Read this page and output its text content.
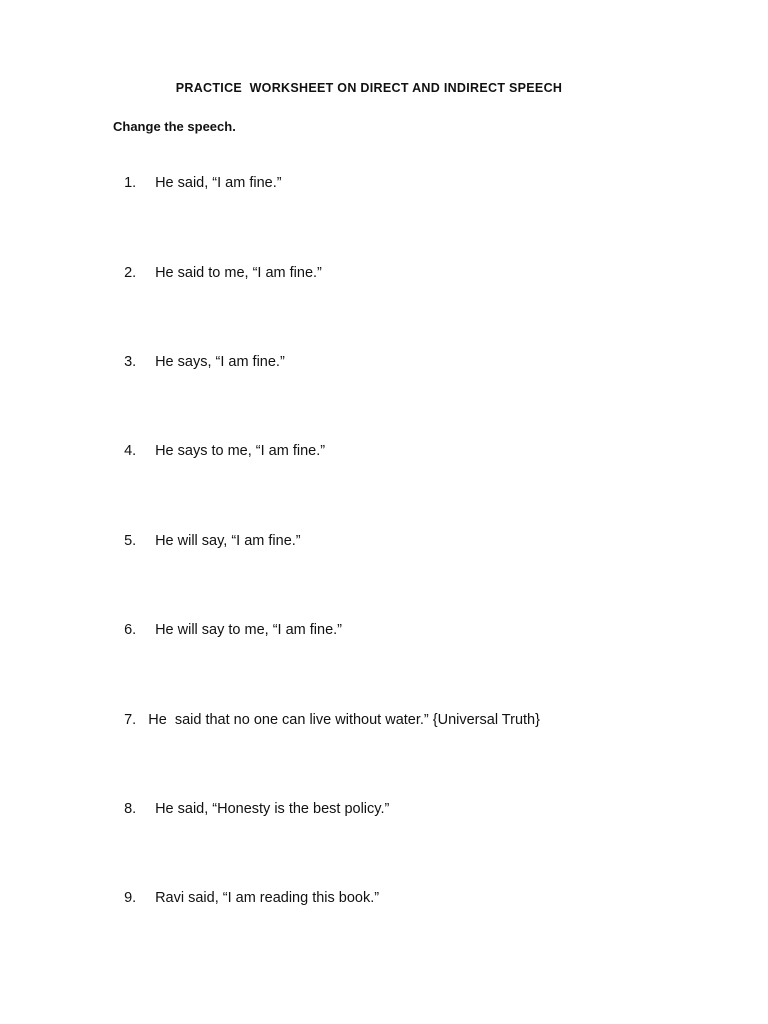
PRACTICE  WORKSHEET ON DIRECT AND INDIRECT SPEECH
Change the speech.

1. He said, “I am fine.”

2. He said to me, “I am fine.”

3. He says, “I am fine.”

4. He says to me, “I am fine.”

5. He will say, “I am fine.”

6. He will say to me, “I am fine.”

7.   He  said that no one can live without water.” {Universal Truth}

8. He said, “Honesty is the best policy.”

9. Ravi said, “I am reading this book.”
